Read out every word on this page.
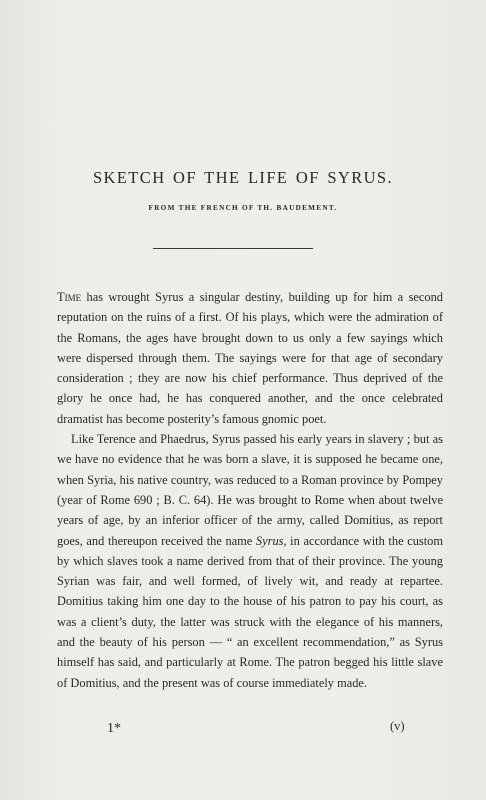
SKETCH OF THE LIFE OF SYRUS.
FROM THE FRENCH OF TH. BAUDEMENT.

Time has wrought Syrus a singular destiny, building up for him a second reputation on the ruins of a first. Of his plays, which were the admiration of the Romans, the ages have brought down to us only a few sayings which were dispersed through them. The sayings were for that age of secondary consideration ; they are now his chief performance. Thus deprived of the glory he once had, he has conquered another, and the once celebrated dramatist has become posterity’s famous gnomic poet.

Like Terence and Phaedrus, Syrus passed his early years in slavery ; but as we have no evidence that he was born a slave, it is supposed he became one, when Syria, his native country, was reduced to a Roman province by Pompey (year of Rome 690 ; B. C. 64). He was brought to Rome when about twelve years of age, by an inferior officer of the army, called Domitius, as report goes, and thereupon received the name Syrus, in accordance with the custom by which slaves took a name derived from that of their province. The young Syrian was fair, and well formed, of lively wit, and ready at repartee. Domitius taking him one day to the house of his patron to pay his court, as was a client’s duty, the latter was struck with the elegance of his manners, and the beauty of his person — “ an excellent recommendation,” as Syrus himself has said, and particularly at Rome. The patron begged his little slave of Domitius, and the present was of course immediately made.

1*	(v)
